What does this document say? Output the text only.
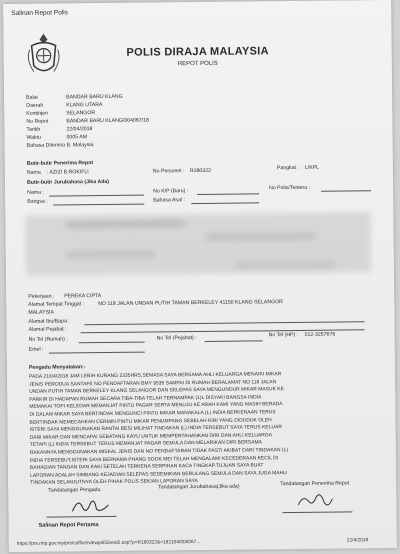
Salinan Repot Polis
POLIS DIRAJA MALAYSIA
REPOT POLIS
Balai	BANDAR BARU KLANG
Daerah	KLANG UTARA
Kontinjen	SELANGOR
No Repot	BANDAR BARU KLANG/004067/18
Tarikh	22/04/2018
Waktu	0005 AM
Bahasa Diterima B. Malaysia
Butir-butir Penerima Repot
Nama : AZIZI B.ROKIFLI	No Personel : R180322	Pangkat : L/KPL
Butir-butir Jurubahasa (Jika Ada)
Nama :	No K/P (Baru) :
No Polis/Tentera :
Bangsa :	Bahasa Asal :
Pekerjaan : PEREKA CIPTA
Alamat Tempat Tinggal :	NO 118 JALAN UNDAN PUTIH TAMAN BERKELEY 41150 KLANG SELANGOR
MALAYSIA
Alamat Ibu/Bapa :
Alamat Pejabat :
No Tel (Rumah) :	No Tel (Pejabat) :	No Tel (HP) : 012-3257676
Emel :
Pengadu Menyatakan:-
PADA 21/04/2018 JAM LEBIH KURANG 2335HRS,SEMASA SAYA BERSAMA AHLI KELUARGA MENAIKI MIKAR
JENIS PERODUA SANTAFE NO PENDAFTARAN BMY 9535 SAMPAI DI RUMAH BERALAMAT NO 118 JALAN
UNDAN PUTIH TAMAN BERKELEY KLANG SELANGOR DAN SELEPAS SAYA MENGUNDUR MIKAR MASUK KE
PARKIR DI HADAPAN RUMAH SECARA TIBA-TIBA TELAH TERNAMPAK (1)L DISYAKI BANGSA INDIA
MEMAKAI TOPI KELEDAR MEMANJAT PINTU PAGAR SERTA MENUJU KE ARAH KAMI YANG MASIH BERADA
DI DALAM MIKAR SAYA BERTINDAK MENGUNCI PINTU MIKAR MANAKALA (L) INDIA BERKENAAN TERUS
BERTINDAK MEMECAHKAN CERMIN PINTU MIKAR PENUMPANG SEBELAH KIRI YANG DIDUDUK OLEH
ISTERI SAYA MENGGUNAKAN RANTAI BESI MILIHAT TINDAKAN (L) INDIA TERSEBUT SAYA TERUS KELUAR
DARI MIKAR DAN MENCAPAI SEBATANG KAYU UNTUK MEMPERTAHANKAN DIRI DAN AHLI KELUARGA
TETAPI (L) INDIA TERSEBUT TERUS MEMANJAT PAGAR SEMULA DAN MELARIKAN DIRI BERSAMA
RAKANNYA MENGGUNAKAN MISKAL JENIS DAN NO PENDAFTARAN TIDAK PASTI AKIBAT DARI TINDAKAN (L)
INDIA TERSEBUT,ISTERI SAYA BERNAMA PHANG SOOK MEI TELAH MENGALAMI KECEDERAAN KECIL DI
BAHAGIAN TANGAN DAN KAKI SETELAH TERKENA SERPIHAN KACA TINGKAP.TUJUAN SAYA BUAT
LAPORAN ADALAH SIMBANG KEJADIAN SELEPAS SEDEMIKIAN BERULANG SEMULA DAN SAYA JUGA MAHU
TINDAKAN SELANJUTNYA OLEH PIHAK POLIS SEKIAN LAPORAN SAYA.
Tandatangan Pengadu	Tandatangan Jurubahasa(Jika ada)	Tandatangan Penerima Repot
Salinan Repot Pertama
https://prs.rmp.gov.my/prs/coffice/viewpol55real2.asp?p=R180322&=182104/004067...	22/4/2018
